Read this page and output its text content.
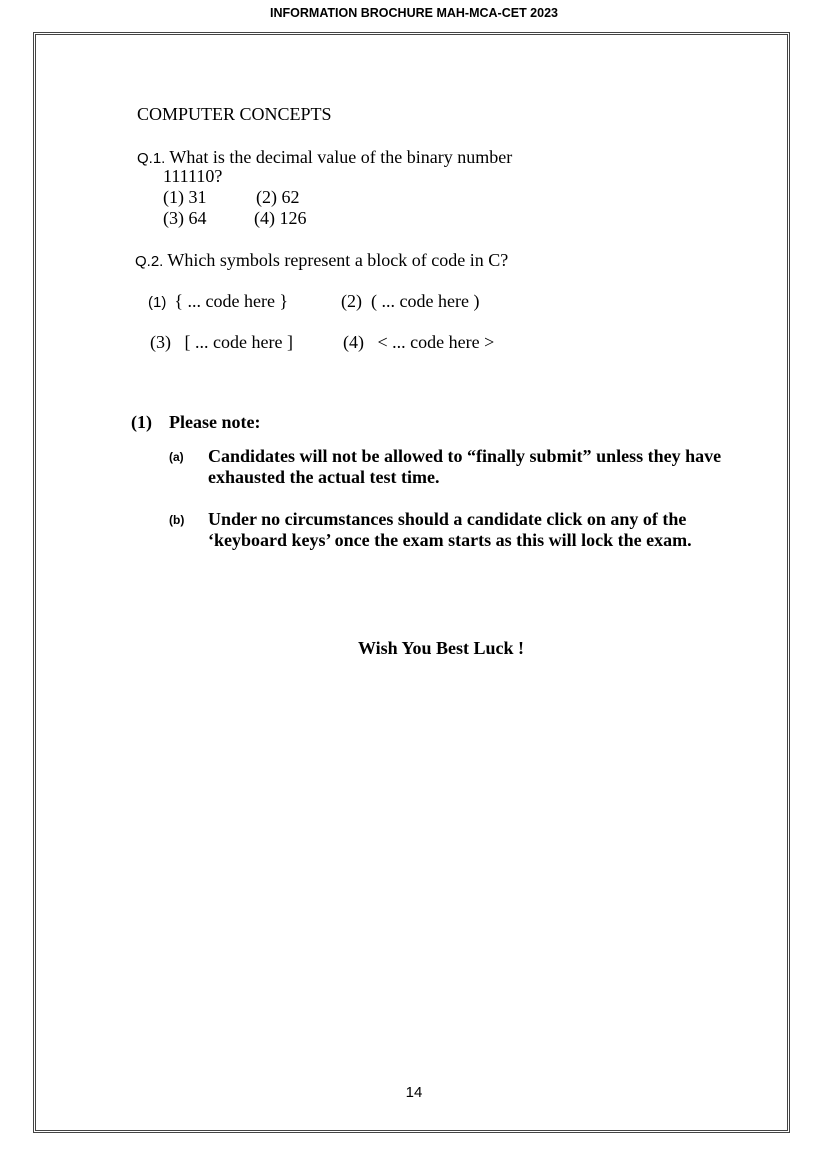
INFORMATION BROCHURE MAH-MCA-CET 2023
COMPUTER CONCEPTS
Q.1. What is the decimal value of the binary number
111110?
(1) 31	(2) 62
(3) 64	(4) 126
Q.2. Which symbols represent a block of code in C?
(1) { ... code here }	(2) ( ... code here )
(3) [ ... code here ]	(4) < ... code here >
(1) Please note:
(a) Candidates will not be allowed to “finally submit” unless they have
exhausted the actual test time.
(b) Under no circumstances should a candidate click on any of the
‘keyboard keys’ once the exam starts as this will lock the exam.
Wish You Best Luck !
14
